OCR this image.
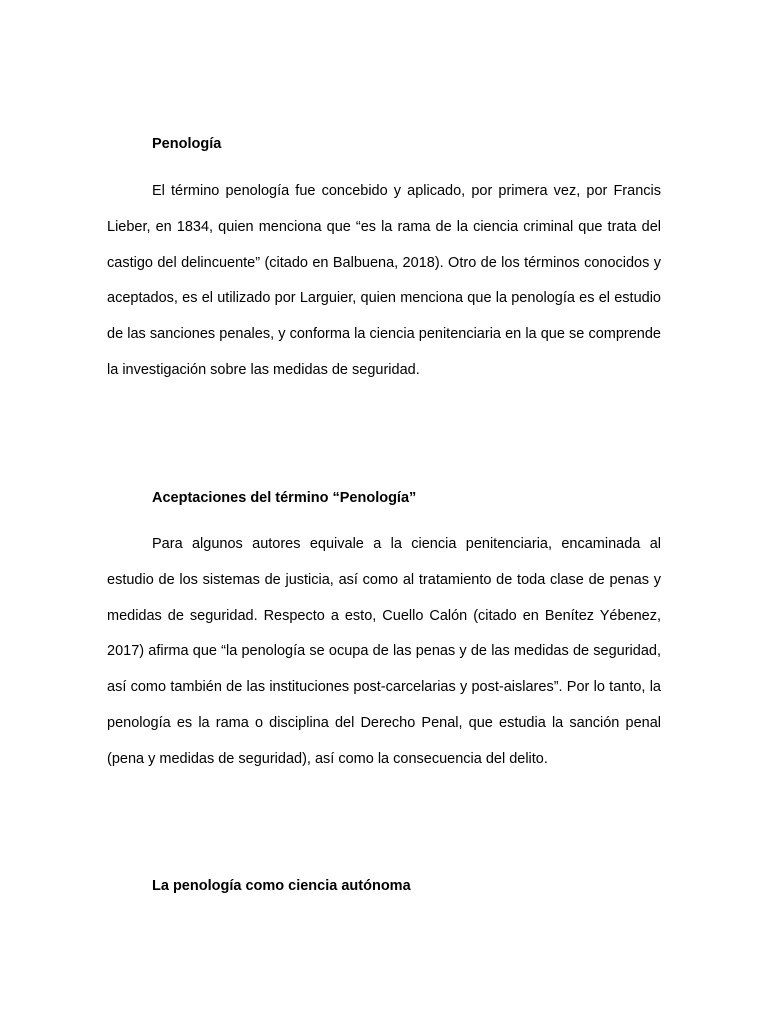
Penología

El término penología fue concebido y aplicado, por primera vez, por Francis Lieber, en 1834, quien menciona que “es la rama de la ciencia criminal que trata del castigo del delincuente” (citado en Balbuena, 2018). Otro de los términos conocidos y aceptados, es el utilizado por Larguier, quien menciona que la penología es el estudio de las sanciones penales, y conforma la ciencia penitenciaria en la que se comprende la investigación sobre las medidas de seguridad.

Aceptaciones del término “Penología”

Para algunos autores equivale a la ciencia penitenciaria, encaminada al estudio de los sistemas de justicia, así como al tratamiento de toda clase de penas y medidas de seguridad. Respecto a esto, Cuello Calón (citado en Benítez Yébenez, 2017) afirma que “la penología se ocupa de las penas y de las medidas de seguridad, así como también de las instituciones post-carcelarias y post-aislares”. Por lo tanto, la penología es la rama o disciplina del Derecho Penal, que estudia la sanción penal (pena y medidas de seguridad), así como la consecuencia del delito.

La penología como ciencia autónoma
